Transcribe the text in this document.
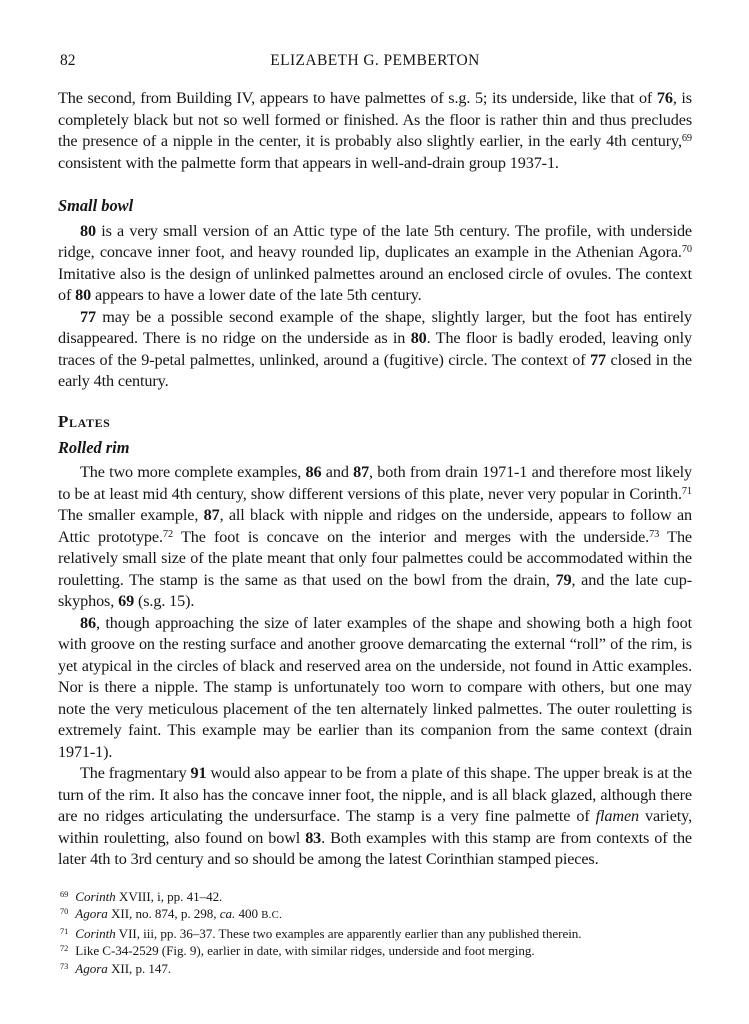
82	ELIZABETH G. PEMBERTON

The second, from Building IV, appears to have palmettes of s.g. 5; its underside, like that of 76, is completely black but not so well formed or finished. As the floor is rather thin and thus precludes the presence of a nipple in the center, it is probably also slightly earlier, in the early 4th century,$^{69}$ consistent with the palmette form that appears in well-and-drain group 1937-1.

Small bowl

80 is a very small version of an Attic type of the late 5th century. The profile, with underside ridge, concave inner foot, and heavy rounded lip, duplicates an example in the Athenian Agora.$^{70}$ Imitative also is the design of unlinked palmettes around an enclosed circle of ovules. The context of 80 appears to have a lower date of the late 5th century.

77 may be a possible second example of the shape, slightly larger, but the foot has entirely disappeared. There is no ridge on the underside as in 80. The floor is badly eroded, leaving only traces of the 9-petal palmettes, unlinked, around a (fugitive) circle. The context of 77 closed in the early 4th century.

Plates
Rolled rim

The two more complete examples, 86 and 87, both from drain 1971-1 and therefore most likely to be at least mid 4th century, show different versions of this plate, never very popular in Corinth.$^{71}$ The smaller example, 87, all black with nipple and ridges on the underside, appears to follow an Attic prototype.$^{72}$ The foot is concave on the interior and merges with the underside.$^{73}$ The relatively small size of the plate meant that only four palmettes could be accommodated within the rouletting. The stamp is the same as that used on the bowl from the drain, 79, and the late cup-skyphos, 69 (s.g. 15).

86, though approaching the size of later examples of the shape and showing both a high foot with groove on the resting surface and another groove demarcating the external “roll” of the rim, is yet atypical in the circles of black and reserved area on the underside, not found in Attic examples. Nor is there a nipple. The stamp is unfortunately too worn to compare with others, but one may note the very meticulous placement of the ten alternately linked palmettes. The outer rouletting is extremely faint. This example may be earlier than its companion from the same context (drain 1971-1).

The fragmentary 91 would also appear to be from a plate of this shape. The upper break is at the turn of the rim. It also has the concave inner foot, the nipple, and is all black glazed, although there are no ridges articulating the undersurface. The stamp is a very fine palmette of flamen variety, within rouletting, also found on bowl 83. Both examples with this stamp are from contexts of the later 4th to 3rd century and so should be among the latest Corinthian stamped pieces.

69 Corinth XVIII, i, pp. 41–42.

70 Agora XII, no. 874, p. 298, ca. 400 B.C.

71 Corinth VII, iii, pp. 36–37. These two examples are apparently earlier than any published therein.

72 Like C-34-2529 (Fig. 9), earlier in date, with similar ridges, underside and foot merging.

73 Agora XII, p. 147.
